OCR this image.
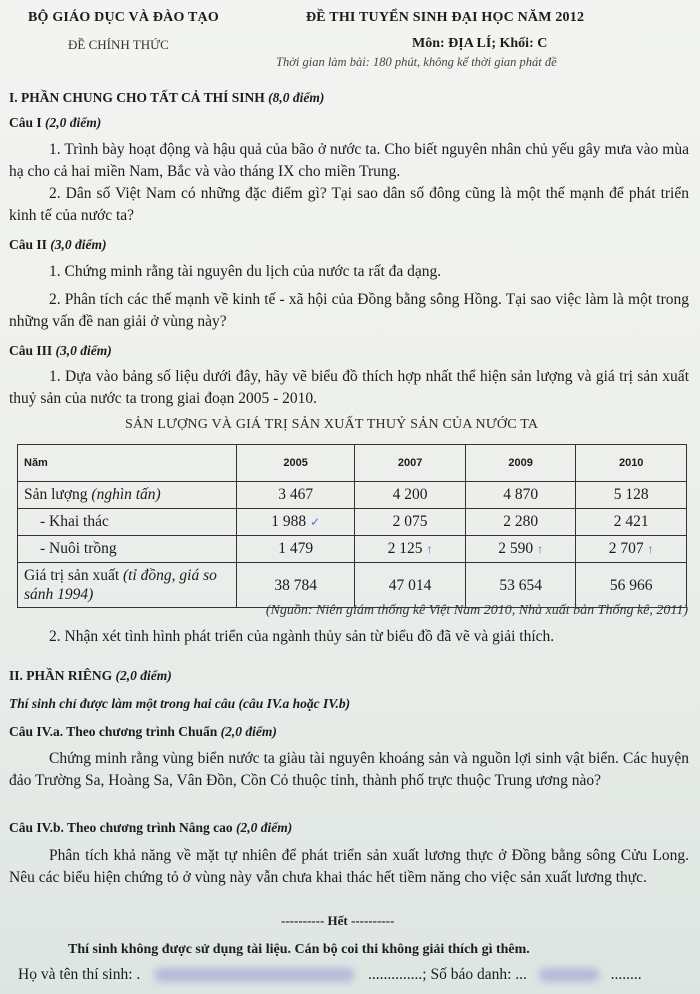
BỘ GIÁO DỤC VÀ ĐÀO TẠO	ĐỀ THI TUYỂN SINH ĐẠI HỌC NĂM 2012
ĐỀ CHÍNH THỨC	Môn: ĐỊA LÍ; Khối: C
Thời gian làm bài: 180 phút, không kể thời gian phát đề
I. PHẦN CHUNG CHO TẤT CẢ THÍ SINH (8,0 điểm)
Câu I (2,0 điểm)
1. Trình bày hoạt động và hậu quả của bão ở nước ta. Cho biết nguyên nhân chủ yếu gây mưa vào mùa hạ cho cả hai miền Nam, Bắc và vào tháng IX cho miền Trung.
2. Dân số Việt Nam có những đặc điểm gì? Tại sao dân số đông cũng là một thế mạnh để phát triển kinh tế của nước ta?
Câu II (3,0 điểm)
1. Chứng minh rằng tài nguyên du lịch của nước ta rất đa dạng.
2. Phân tích các thế mạnh về kinh tế - xã hội của Đồng bằng sông Hồng. Tại sao việc làm là một trong những vấn đề nan giải ở vùng này?
Câu III (3,0 điểm)
1. Dựa vào bảng số liệu dưới đây, hãy vẽ biểu đồ thích hợp nhất thể hiện sản lượng và giá trị sản xuất thuỷ sản của nước ta trong giai đoạn 2005 - 2010.
SẢN LƯỢNG VÀ GIÁ TRỊ SẢN XUẤT THUỶ SẢN CỦA NƯỚC TA
Năm	2005	2007	2009	2010
Sản lượng (nghìn tấn)	3 467	4 200	4 870	5 128
- Khai thác	1 988 ✓	2 075	2 280	2 421
- Nuôi trồng	1 479	2 125 ↑	2 590 ↑	2 707 ↑
Giá trị sản xuất (tỉ đồng, giá so sánh 1994)	38 784	47 014	53 654	56 966
(Nguồn: Niên giám thống kê Việt Nam 2010, Nhà xuất bản Thống kê, 2011)
2. Nhận xét tình hình phát triển của ngành thủy sản từ biểu đồ đã vẽ và giải thích.
II. PHẦN RIÊNG (2,0 điểm)
Thí sinh chỉ được làm một trong hai câu (câu IV.a hoặc IV.b)
Câu IV.a. Theo chương trình Chuẩn (2,0 điểm)
Chứng minh rằng vùng biển nước ta giàu tài nguyên khoáng sản và nguồn lợi sinh vật biển. Các huyện đảo Trường Sa, Hoàng Sa, Vân Đồn, Cồn Cỏ thuộc tỉnh, thành phố trực thuộc Trung ương nào?
Câu IV.b. Theo chương trình Nâng cao (2,0 điểm)
Phân tích khả năng về mặt tự nhiên để phát triển sản xuất lương thực ở Đồng bằng sông Cửu Long. Nêu các biểu hiện chứng tỏ ở vùng này vẫn chưa khai thác hết tiềm năng cho việc sản xuất lương thực.
---------- Hết ----------
Thí sinh không được sử dụng tài liệu. Cán bộ coi thi không giải thích gì thêm.
Họ và tên thí sinh: .	..............; Số báo danh: ...	........
